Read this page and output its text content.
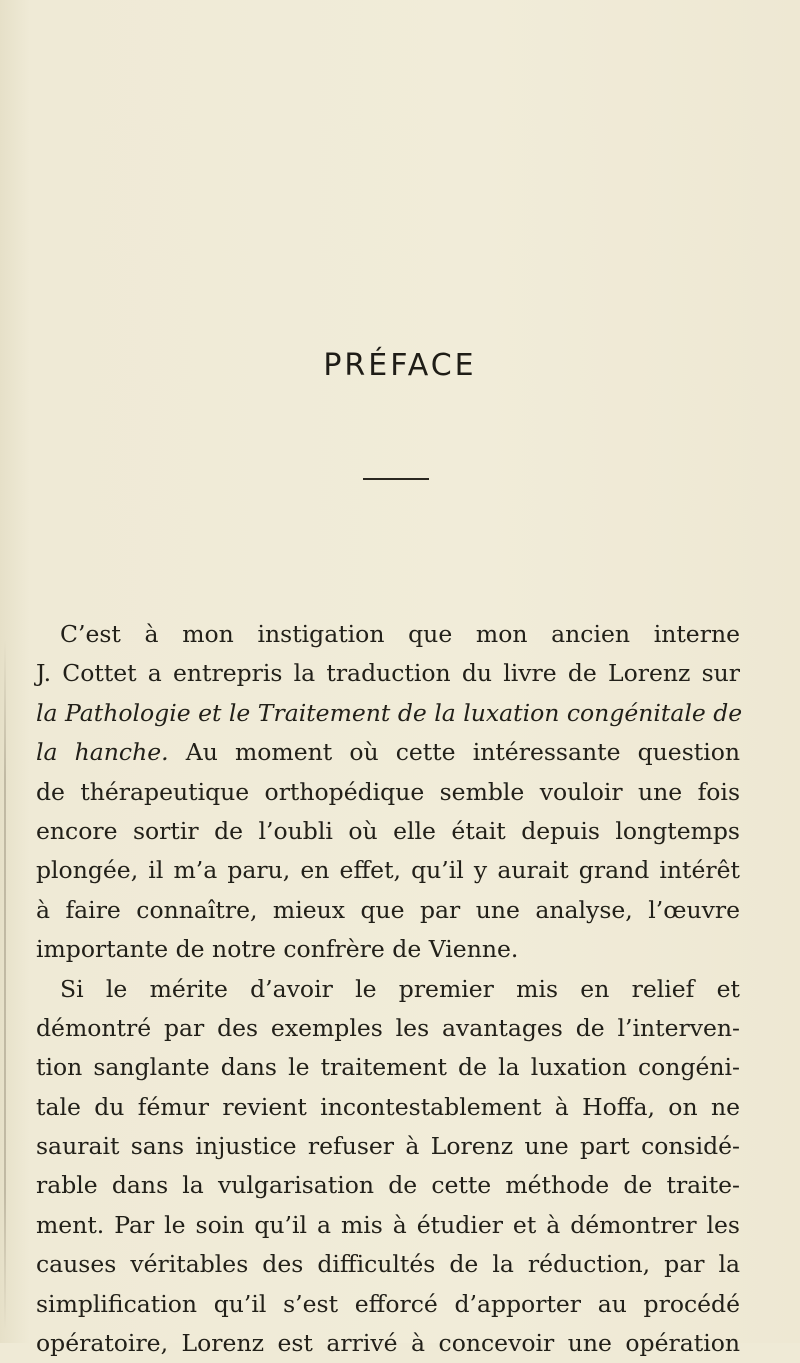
PRÉFACE
C’est à mon instigation que mon ancien interne
J. Cottet a entrepris la traduction du livre de Lorenz sur
la Pathologie et le Traitement de la luxation congénitale de
la hanche. Au moment où cette intéressante question
de thérapeutique orthopédique semble vouloir une fois
encore sortir de l’oubli où elle était depuis longtemps
plongée, il m’a paru, en effet, qu’il y aurait grand intérêt
à faire connaître, mieux que par une analyse, l’œuvre
importante de notre confrère de Vienne.
Si le mérite d’avoir le premier mis en relief et
démontré par des exemples les avantages de l’interven-
tion sanglante dans le traitement de la luxation congéni-
tale du fémur revient incontestablement à Hoffa, on ne
saurait sans injustice refuser à Lorenz une part considé-
rable dans la vulgarisation de cette méthode de traite-
ment. Par le soin qu’il a mis à étudier et à démontrer les
causes véritables des difficultés de la réduction, par la
simplification qu’il s’est efforcé d’apporter au procédé
opératoire, Lorenz est arrivé à concevoir une opération
